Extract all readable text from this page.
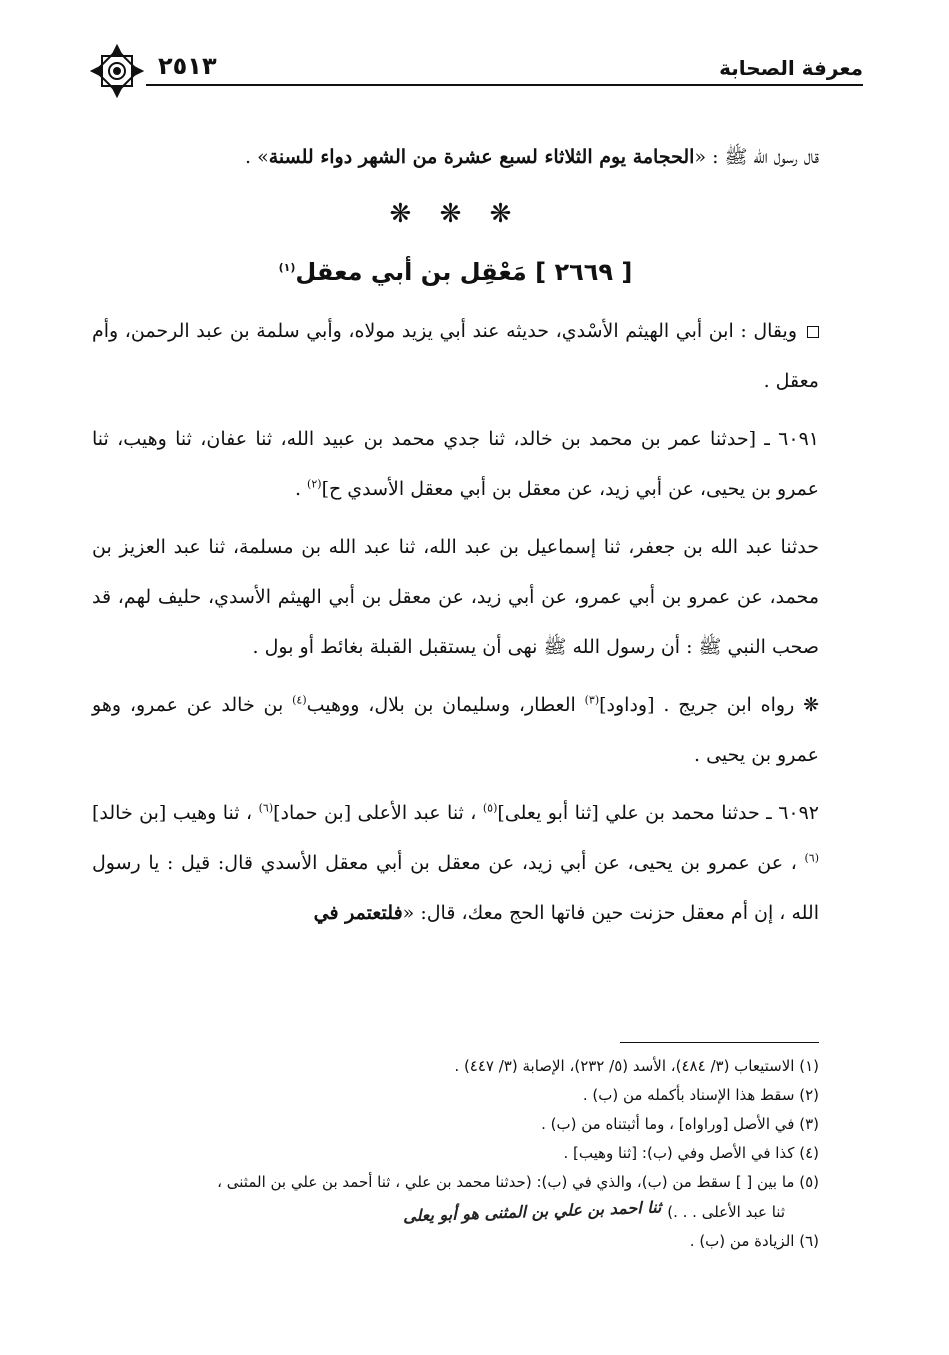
معرفة الصحابة
٢٥١٣

قال رسول الله ﷺ : «الحجامة يوم الثلاثاء لسبع عشرة من الشهر دواء للسنة» .

❋ ❋ ❋
[ ٢٦٦٩ ] مَعْقِل بن أبي معقل$^{(١)}$

ويقال : ابن أبي الهيثم الأسْدي، حديثه عند أبي يزيد مولاه، وأبي سلمة بن عبد الرحمن، وأم معقل .

٦٠٩١ ـ [حدثنا عمر بن محمد بن خالد، ثنا جدي محمد بن عبيد الله، ثنا عفان، ثنا وهيب، ثنا عمرو بن يحيى، عن أبي زيد، عن معقل بن أبي معقل الأسدي ح]$^{(٢)}$ .

حدثنا عبد الله بن جعفر، ثنا إسماعيل بن عبد الله، ثنا عبد الله بن مسلمة، ثنا عبد العزيز بن محمد، عن عمرو بن أبي عمرو، عن أبي زيد، عن معقل بن أبي الهيثم الأسدي، حليف لهم، قد صحب النبي ﷺ : أن رسول الله ﷺ نهى أن يستقبل القبلة بغائط أو بول .

❋ رواه ابن جريج . [وداود]$^{(٣)}$ العطار، وسليمان بن بلال، ووهيب$^{(٤)}$ بن خالد عن عمرو، وهو عمرو بن يحيى .

٦٠٩٢ ـ حدثنا محمد بن علي [ثنا أبو يعلى]$^{(٥)}$ ، ثنا عبد الأعلى [بن حماد]$^{(٦)}$ ، ثنا وهيب [بن خالد]$^{(٦)}$ ، عن عمرو بن يحيى، عن أبي زيد، عن معقل بن أبي معقل الأسدي قال: قيل : يا رسول الله ، إن أم معقل حزنت حين فاتها الحج معك، قال: «فلتعتمر في

(١) الاستيعاب (٣/ ٤٨٤)، الأسد (٥/ ٢٣٢)، الإصابة (٣/ ٤٤٧) .
(٢) سقط هذا الإسناد بأكمله من (ب) .
(٣) في الأصل [وراواه] ، وما أثبتناه من (ب) .
(٤) كذا في الأصل وفي (ب): [ثنا وهيب] .
(٥) ما بين [ ] سقط من (ب)، والذي في (ب): (حدثنا محمد بن علي ، ثنا أحمد بن علي بن المثنى ،
ثنا عبد الأعلى . . .)ثنا احمد بن علي بن المثنى هو أبو يعلى
(٦) الزيادة من (ب) .
